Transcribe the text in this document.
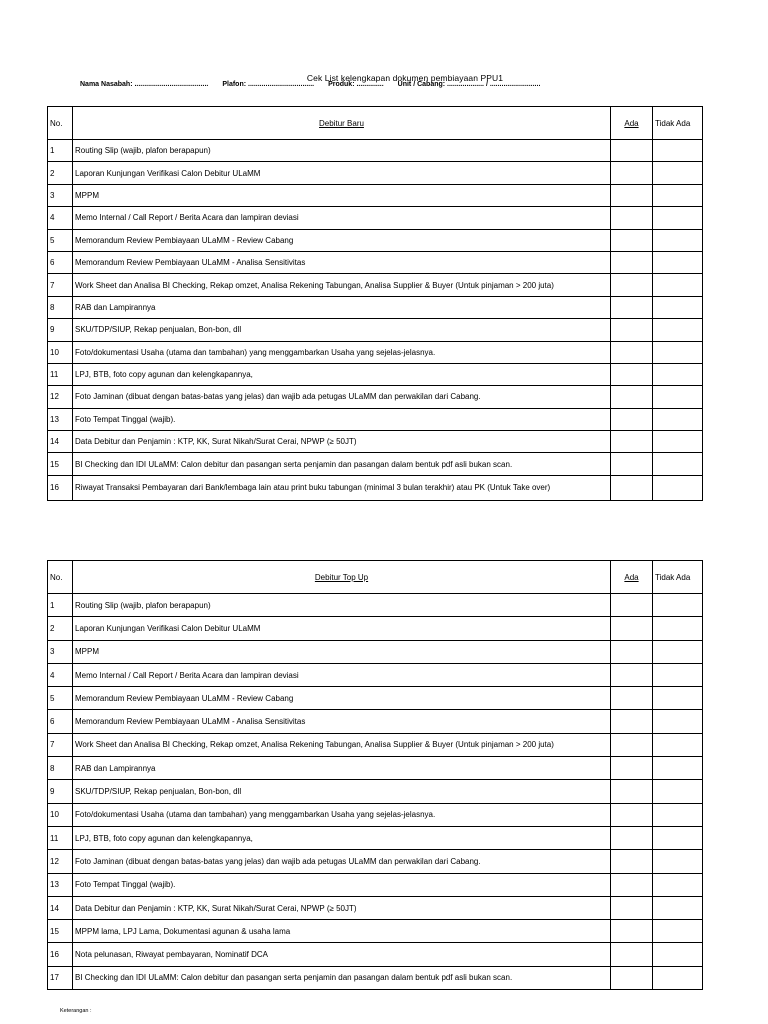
Cek List kelengkapan dokumen pembiayaan PPU1
Nama Nasabah: ...................................... Plafon: .................................. Produk: .............. Unit / Cabang: ................... / ..........................
No.	Debitur Baru	Ada	Tidak Ada
1	Routing Slip (wajib, plafon berapapun)		
2	Laporan Kunjungan Verifikasi Calon Debitur ULaMM		
3	MPPM		
4	Memo Internal / Call Report / Berita Acara dan lampiran deviasi		
5	Memorandum Review Pembiayaan ULaMM - Review Cabang		
6	Memorandum Review Pembiayaan ULaMM - Analisa Sensitivitas		
7	Work Sheet dan Analisa BI Checking, Rekap omzet, Analisa Rekening Tabungan, Analisa Supplier & Buyer (Untuk pinjaman > 200 juta)		
8	RAB dan Lampirannya		
9	SKU/TDP/SIUP, Rekap penjualan, Bon-bon, dll		
10	Foto/dokumentasi Usaha (utama dan tambahan) yang menggambarkan Usaha yang sejelas-jelasnya.		
11	LPJ, BTB, foto copy agunan dan kelengkapannya,		
12	Foto Jaminan (dibuat dengan batas-batas yang jelas) dan wajib ada petugas ULaMM dan perwakilan dari Cabang.		
13	Foto Tempat Tinggal (wajib).		
14	Data Debitur dan Penjamin : KTP, KK, Surat Nikah/Surat Cerai, NPWP (≥ 50JT)		
15	BI Checking dan IDI ULaMM: Calon debitur dan pasangan serta penjamin dan pasangan dalam bentuk pdf asli bukan scan.		
16	Riwayat Transaksi Pembayaran dari Bank/lembaga lain atau print buku tabungan (minimal 3 bulan terakhir) atau PK (Untuk Take over)		
No.	Debitur Top Up	Ada	Tidak Ada
1	Routing Slip (wajib, plafon berapapun)		
2	Laporan Kunjungan Verifikasi Calon Debitur ULaMM		
3	MPPM		
4	Memo Internal / Call Report / Berita Acara dan lampiran deviasi		
5	Memorandum Review Pembiayaan ULaMM - Review Cabang		
6	Memorandum Review Pembiayaan ULaMM - Analisa Sensitivitas		
7	Work Sheet dan Analisa BI Checking, Rekap omzet, Analisa Rekening Tabungan, Analisa Supplier & Buyer (Untuk pinjaman > 200 juta)		
8	RAB dan Lampirannya		
9	SKU/TDP/SIUP, Rekap penjualan, Bon-bon, dll		
10	Foto/dokumentasi Usaha (utama dan tambahan) yang menggambarkan Usaha yang sejelas-jelasnya.		
11	LPJ, BTB, foto copy agunan dan kelengkapannya,		
12	Foto Jaminan (dibuat dengan batas-batas yang jelas) dan wajib ada petugas ULaMM dan perwakilan dari Cabang.		
13	Foto Tempat Tinggal (wajib).		
14	Data Debitur dan Penjamin : KTP, KK, Surat Nikah/Surat Cerai, NPWP (≥ 50JT)		
15	MPPM lama, LPJ Lama, Dokumentasi agunan & usaha lama		
16	Nota pelunasan, Riwayat pembayaran, Nominatif DCA		
17	BI Checking dan IDI ULaMM: Calon debitur dan pasangan serta penjamin dan pasangan dalam bentuk pdf asli bukan scan.		
Keterangan :
